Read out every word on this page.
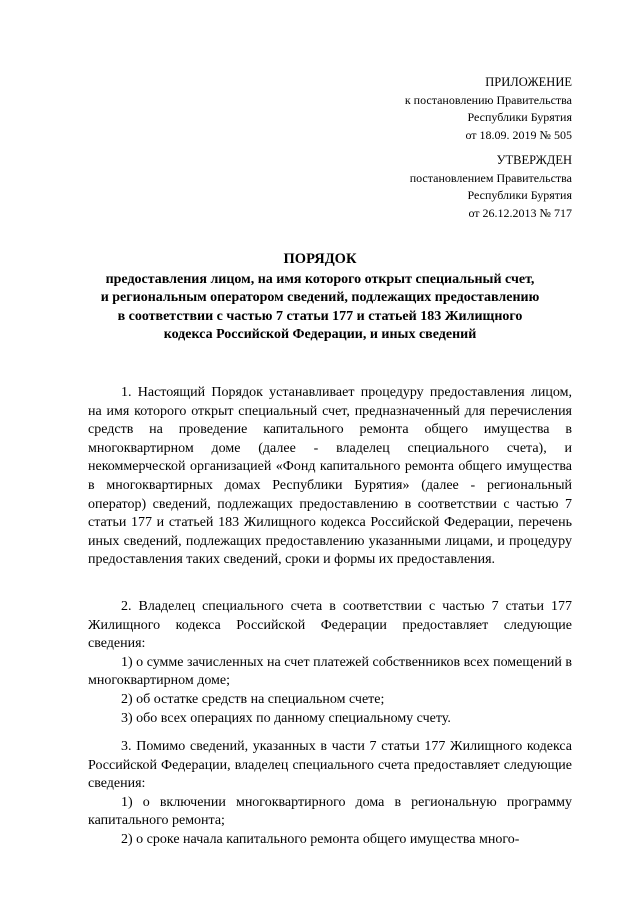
ПРИЛОЖЕНИЕ
к постановлению Правительства
Республики Бурятия
от 18.09. 2019 № 505
УТВЕРЖДЕН
постановлением Правительства
Республики Бурятия
от 26.12.2013 № 717
ПОРЯДОК
предоставления лицом, на имя которого открыт специальный счет, и региональным оператором сведений, подлежащих предоставлению в соответствии с частью 7 статьи 177 и статьей 183 Жилищного кодекса Российской Федерации, и иных сведений

1. Настоящий Порядок устанавливает процедуру предоставления лицом, на имя которого открыт специальный счет, предназначенный для перечисления средств на проведение капитального ремонта общего имущества в многоквартирном доме (далее - владелец специального счета), и некоммерческой организацией «Фонд капитального ремонта общего имущества в многоквартирных домах Республики Бурятия» (далее - региональный оператор) сведений, подлежащих предоставлению в соответствии с частью 7 статьи 177 и статьей 183 Жилищного кодекса Российской Федерации, перечень иных сведений, подлежащих предоставлению указанными лицами, и процедуру предоставления таких сведений, сроки и формы их предоставления.

2. Владелец специального счета в соответствии с частью 7 статьи 177 Жилищного кодекса Российской Федерации предоставляет следующие сведения:

1) о сумме зачисленных на счет платежей собственников всех помещений в многоквартирном доме;

2) об остатке средств на специальном счете;

3) обо всех операциях по данному специальному счету.

3. Помимо сведений, указанных в части 7 статьи 177 Жилищного кодекса Российской Федерации, владелец специального счета предоставляет следующие сведения:

1) о включении многоквартирного дома в региональную программу капитального ремонта;

2) о сроке начала капитального ремонта общего имущества много-
